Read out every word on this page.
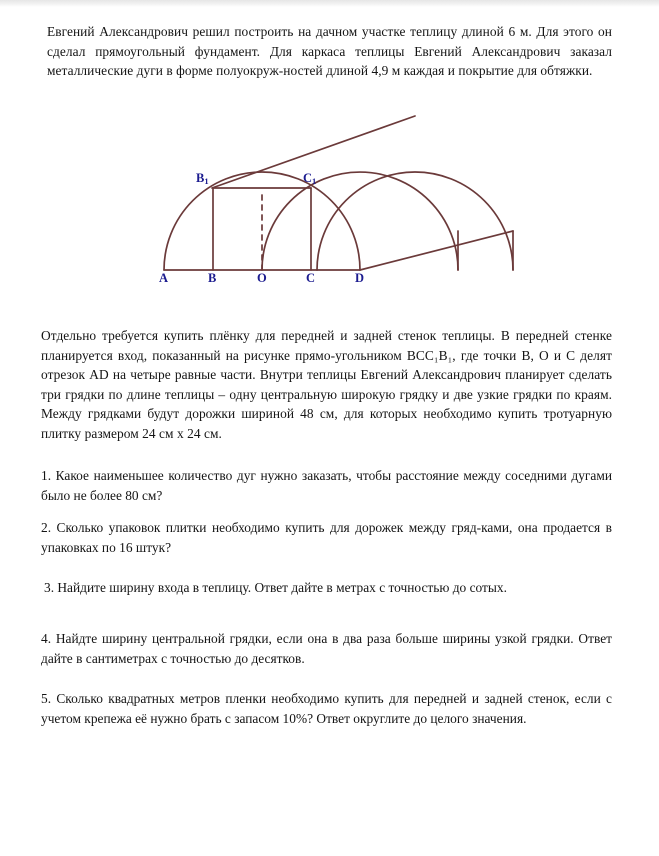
Евгений Александрович решил построить на дачном участке теплицу длиной 6 м. Для этого он сделал прямоугольный фундамент. Для каркаса теплицы Евгений Александрович заказал металлические дуги в форме полуокруж-ностей длиной 4,9 м каждая и покрытие для обтяжки.
A	B	O	C	D
$B_1$	$C_1$
Отдельно требуется купить плёнку для передней и задней стенок теплицы. В передней стенке планируется вход, показанный на рисунке прямо-угольником BCC₁B₁, где точки B, O и C делят отрезок AD на четыре равные части. Внутри теплицы Евгений Александрович планирует сделать три грядки по длине теплицы – одну центральную широкую грядку и две узкие грядки по краям. Между грядками будут дорожки шириной 48 см, для которых необходимо купить тротуарную плитку размером 24 см x 24 см.
1. Какое наименьшее количество дуг нужно заказать, чтобы расстояние между соседними дугами было не более 80 см?
2. Сколько упаковок плитки необходимо купить для дорожек между гряд-ками, она продается в упаковках по 16 штук?
3. Найдите ширину входа в теплицу. Ответ дайте в метрах с точностью до сотых.
4. Найдте ширину центральной грядки, если она в два раза больше ширины узкой грядки. Ответ дайте в сантиметрах с точностью до десятков.
5. Сколько квадратных метров пленки необходимо купить для передней и задней стенок, если с учетом крепежа её нужно брать с запасом 10%? Ответ округлите до целого значения.
